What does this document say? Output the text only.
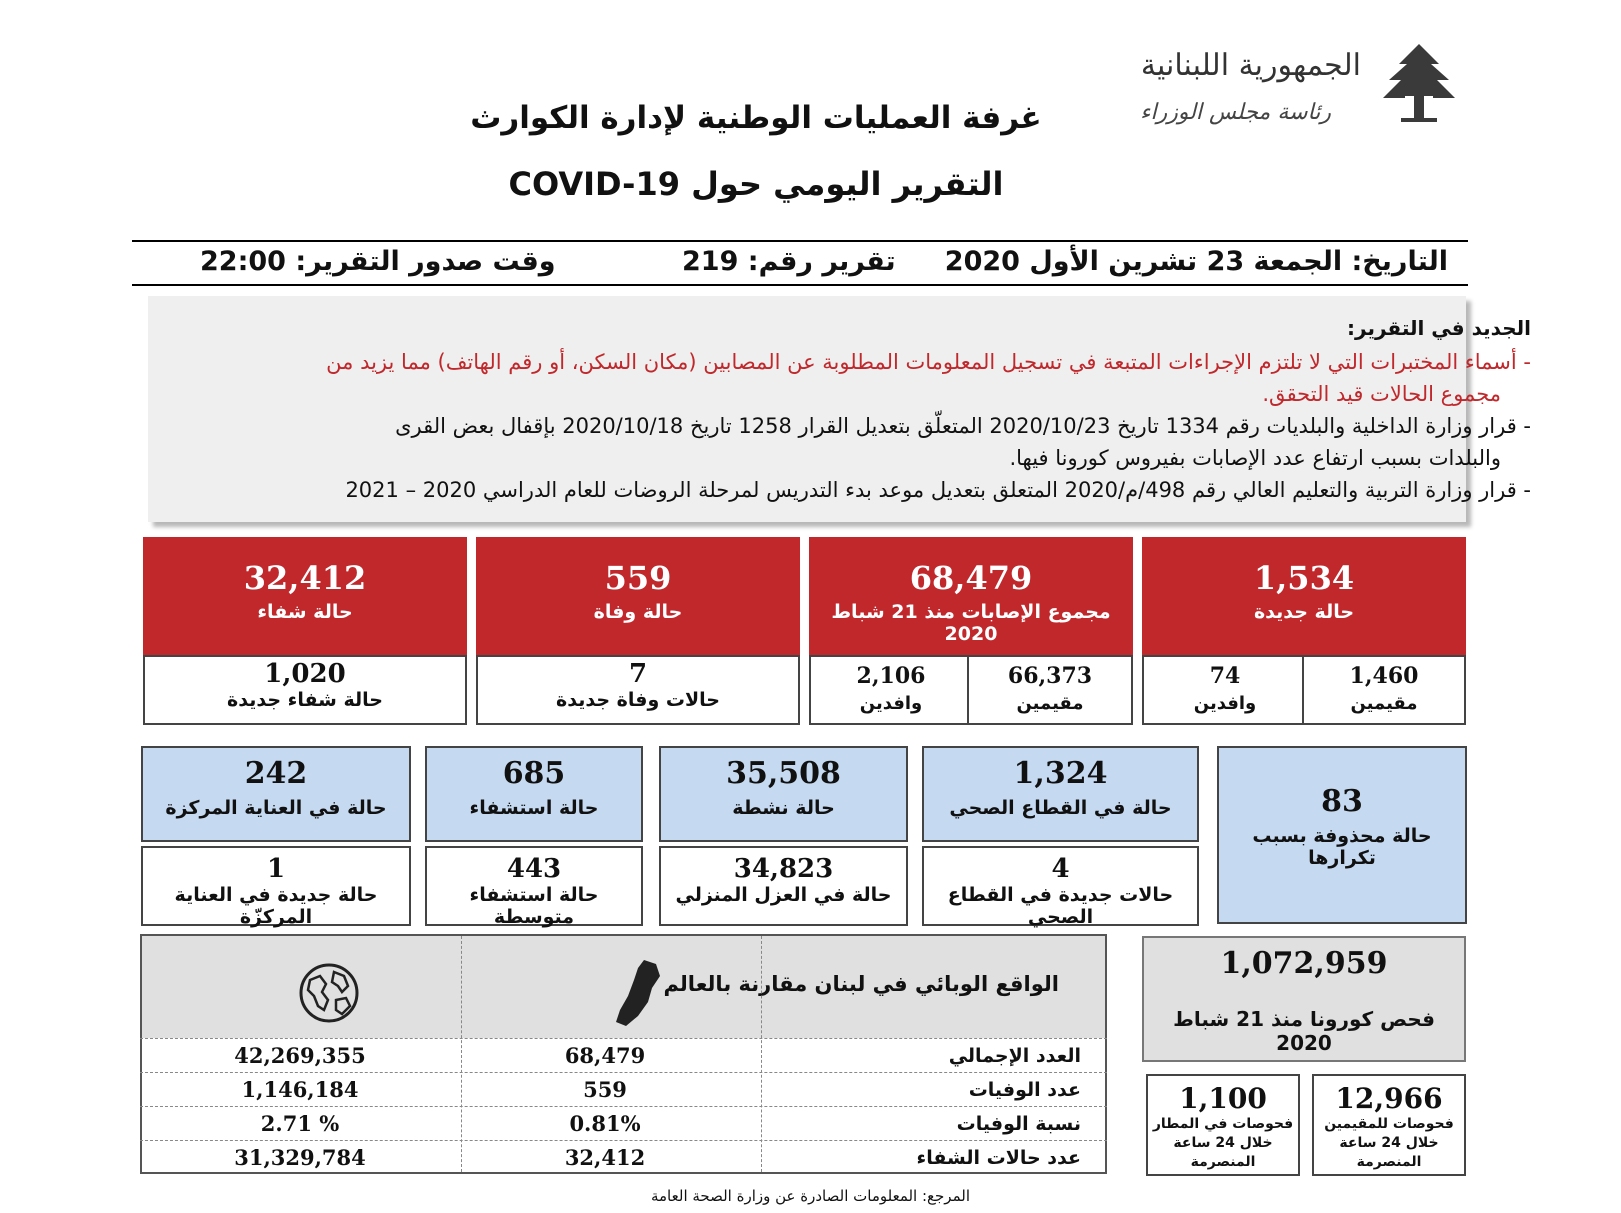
الجمهورية اللبنانية
رئاسة مجلس الوزراء
غرفة العمليات الوطنية لإدارة الكوارث
التقرير اليومي حول COVID-19
التاريخ: الجمعة 23 تشرين الأول 2020
تقرير رقم: 219
وقت صدور التقرير: 22:00
الجديد في التقرير:
- أسماء المختبرات التي لا تلتزم الإجراءات المتبعة في تسجيل المعلومات المطلوبة عن المصابين (مكان السكن، أو رقم الهاتف) مما يزيد من
مجموع الحالات قيد التحقق.
- قرار وزارة الداخلية والبلديات رقم 1334 تاريخ 2020/10/23 المتعلّق بتعديل القرار 1258 تاريخ 2020/10/18 بإقفال بعض القرى
والبلدات بسبب ارتفاع عدد الإصابات بفيروس كورونا فيها.
- قرار وزارة التربية والتعليم العالي رقم 498/م/2020 المتعلق بتعديل موعد بدء التدريس لمرحلة الروضات للعام الدراسي 2020 – 2021
1,534
حالة جديدة
68,479
مجموع الإصابات منذ 21 شباط 2020
559
حالة وفاة
32,412
حالة شفاء
1,460
مقيمين
74
وافدين
66,373
مقيمين
2,106
وافدين
7
حالات وفاة جديدة
1,020
حالة شفاء جديدة
83
حالة محذوفة بسبب تكرارها
1,324
حالة في القطاع الصحي
35,508
حالة نشطة
685
حالة استشفاء
242
حالة في العناية المركزة
4
حالات جديدة في القطاع الصحي
34,823
حالة في العزل المنزلي
443
حالة استشفاء متوسطة
1
حالة جديدة في العناية المركزّة
الواقع الوبائي في لبنان مقارنة بالعالم
العدد الإجمالي
68,479
42,269,355
عدد الوفيات
559
1,146,184
نسبة الوفيات
0.81%
2.71 %
عدد حالات الشفاء
32,412
31,329,784
1,072,959
فحص كورونا منذ 21 شباط 2020
12,966
فحوصات للمقيمين
خلال 24 ساعة
المنصرمة
1,100
فحوصات في المطار
خلال 24 ساعة
المنصرمة
المرجع: المعلومات الصادرة عن وزارة الصحة العامة
